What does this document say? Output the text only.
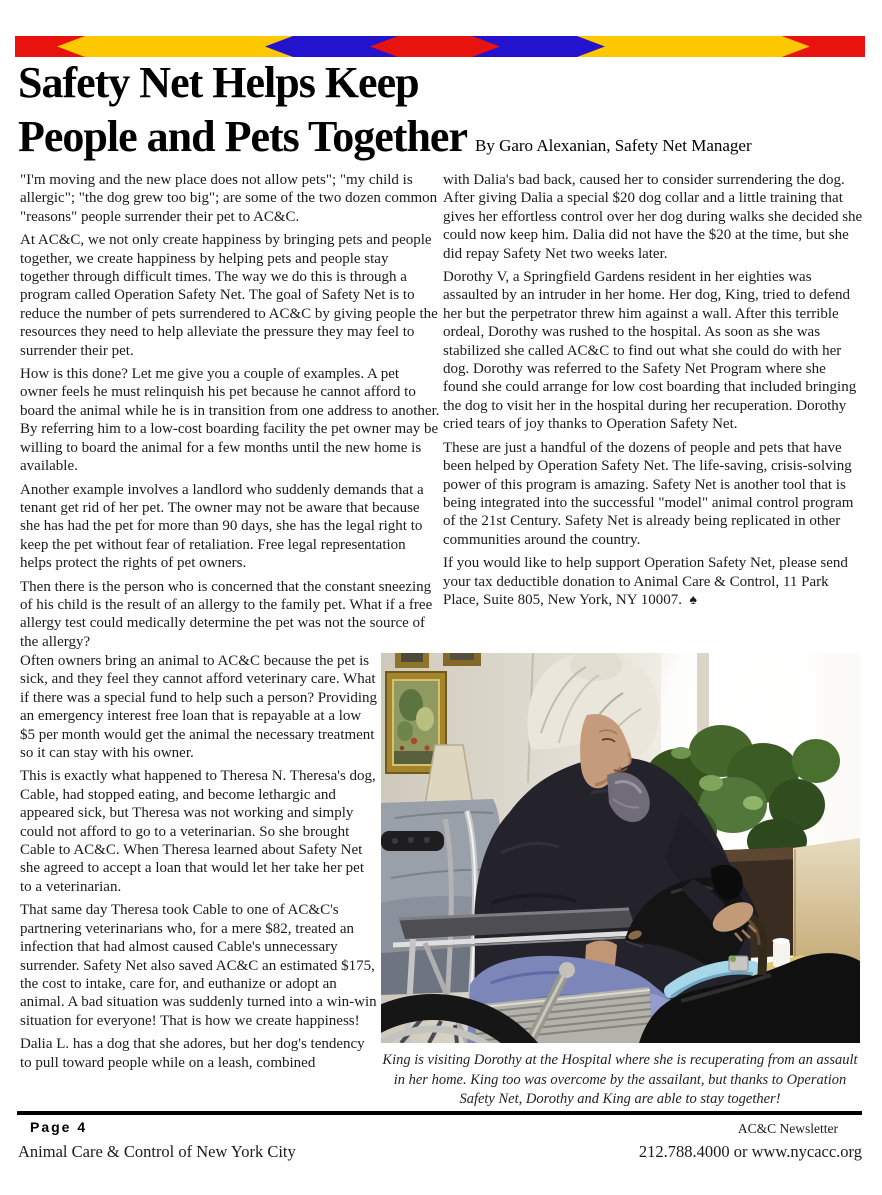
Safety Net Helps Keep
People and Pets Together By Garo Alexanian, Safety Net Manager

"I'm moving and the new place does not allow pets"; "my child is allergic"; "the dog grew too big"; are some of the two dozen common "reasons" people surrender their pet to AC&C.

At AC&C, we not only create happiness by bringing pets and people together, we create happiness by helping pets and people stay together through difficult times. The way we do this is through a program called Operation Safety Net. The goal of Safety Net is to reduce the number of pets surrendered to AC&C by giving people the resources they need to help alleviate the pressure they may feel to surrender their pet.

How is this done? Let me give you a couple of examples. A pet owner feels he must relinquish his pet because he cannot afford to board the animal while he is in transition from one address to another. By referring him to a low-cost boarding facility the pet owner may be willing to board the animal for a few months until the new home is available.

Another example involves a landlord who suddenly demands that a tenant get rid of her pet. The owner may not be aware that because she has had the pet for more than 90 days, she has the legal right to keep the pet without fear of retaliation. Free legal representation helps protect the rights of pet owners.

Then there is the person who is concerned that the constant sneezing of his child is the result of an allergy to the family pet. What if a free allergy test could medically determine the pet was not the source of the allergy?

Often owners bring an animal to AC&C because the pet is sick, and they feel they cannot afford veterinary care. What if there was a special fund to help such a person? Providing an emergency interest free loan that is repayable at a low $5 per month would get the animal the necessary treatment so it can stay with his owner.

This is exactly what happened to Theresa N. Theresa's dog, Cable, had stopped eating, and become lethargic and appeared sick, but Theresa was not working and simply could not afford to go to a veterinarian. So she brought Cable to AC&C. When Theresa learned about Safety Net she agreed to accept a loan that would let her take her pet to a veterinarian.

That same day Theresa took Cable to one of AC&C's partnering veterinarians who, for a mere $82, treated an infection that had almost caused Cable's unnecessary surrender. Safety Net also saved AC&C an estimated $175, the cost to intake, care for, and euthanize or adopt an animal. A bad situation was suddenly turned into a win-win situation for everyone! That is how we create happiness!

Dalia L. has a dog that she adores, but her dog's tendency to pull toward people while on a leash, combined

with Dalia's bad back, caused her to consider surrendering the dog. After giving Dalia a special $20 dog collar and a little training that gives her effortless control over her dog during walks she decided she could now keep him. Dalia did not have the $20 at the time, but she did repay Safety Net two weeks later.

Dorothy V, a Springfield Gardens resident in her eighties was assaulted by an intruder in her home. Her dog, King, tried to defend her but the perpetrator threw him against a wall. After this terrible ordeal, Dorothy was rushed to the hospital. As soon as she was stabilized she called AC&C to find out what she could do with her dog. Dorothy was referred to the Safety Net Program where she found she could arrange for low cost boarding that included bringing the dog to visit her in the hospital during her recuperation. Dorothy cried tears of joy thanks to Operation Safety Net.

These are just a handful of the dozens of people and pets that have been helped by Operation Safety Net. The life-saving, crisis-solving power of this program is amazing. Safety Net is another tool that is being integrated into the successful "model" animal control program of the 21st Century. Safety Net is already being replicated in other communities around the country.

If you would like to help support Operation Safety Net, please send your tax deductible donation to Animal Care & Control, 11 Park Place, Suite 805, New York, NY 10007. ♠

King is visiting Dorothy at the Hospital where she is recuperating from an assault in her home. King too was overcome by the assailant, but thanks to Operation Safety Net, Dorothy and King are able to stay together!
Page 4	AC&C Newsletter
Animal Care & Control of New York City	212.788.4000 or www.nycacc.org
